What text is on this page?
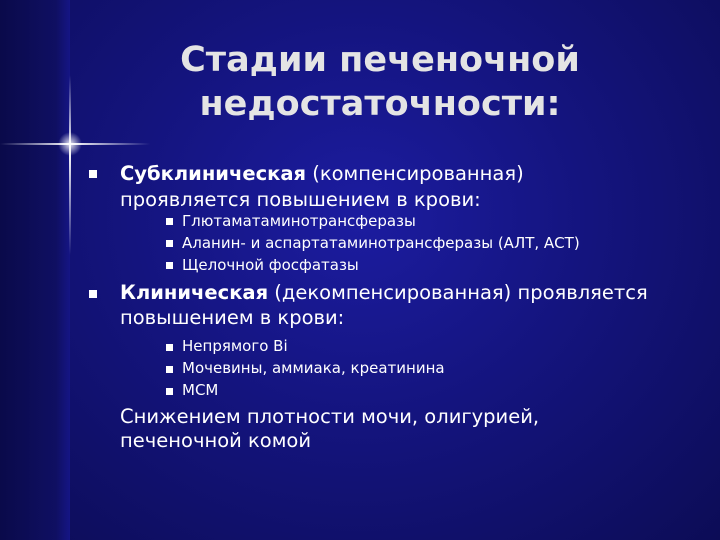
Стадии печеночной
недостаточности:
Субклиническая (компенсированная)
проявляется повышением в крови:
Глютаматаминотрансферазы
Аланин- и аспартатаминотрансферазы (АЛТ, АСТ)
Щелочной фосфатазы
Клиническая (декомпенсированная) проявляется
повышением в крови:
Непрямого Bi
Мочевины, аммиака, креатинина
МСМ
Снижением плотности мочи, олигурией,
печеночной комой
